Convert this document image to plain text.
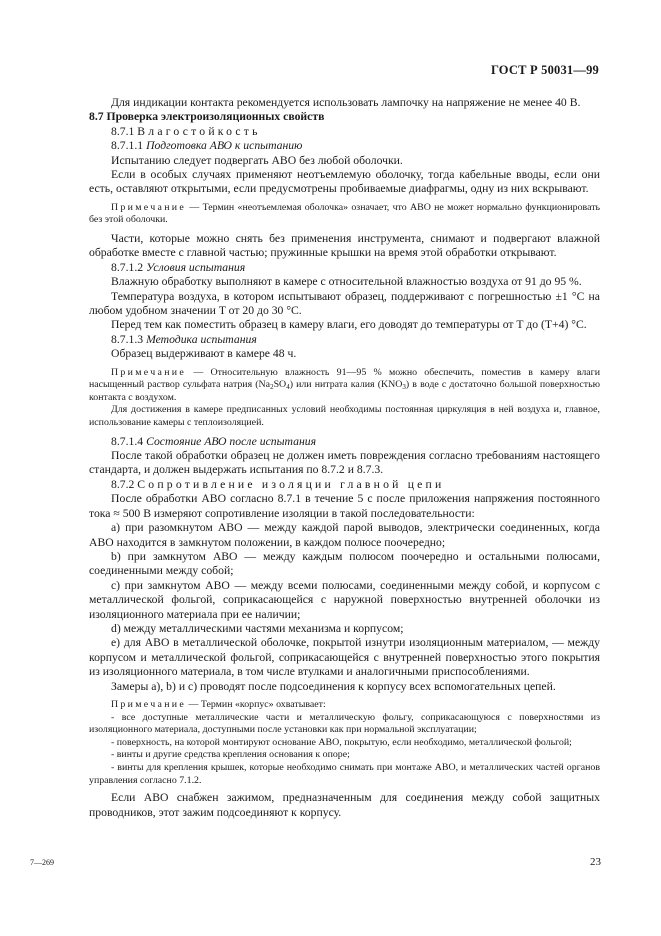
ГОСТ Р 50031—99

Для индикации контакта рекомендуется использовать лампочку на напряжение не менее 40 В.

8.7 Проверка электроизоляционных свойств

8.7.1 Влагостойкость

8.7.1.1 Подготовка АВО к испытанию

Испытанию следует подвергать АВО без любой оболочки.

Если в особых случаях применяют неотъемлемую оболочку, тогда кабельные вводы, если они есть, оставляют открытыми, если предусмотрены пробиваемые диафрагмы, одну из них вскрывают.

Примечание — Термин «неотъемлемая оболочка» означает, что АВО не может нормально функционировать без этой оболочки.

Части, которые можно снять без применения инструмента, снимают и подвергают влажной обработке вместе с главной частью; пружинные крышки на время этой обработки открывают.

8.7.1.2 Условия испытания

Влажную обработку выполняют в камере с относительной влажностью воздуха от 91 до 95 %.

Температура воздуха, в котором испытывают образец, поддерживают с погрешностью ±1 °C на любом удобном значении T от 20 до 30 °C.

Перед тем как поместить образец в камеру влаги, его доводят до температуры от T до (T+4) °C.

8.7.1.3 Методика испытания

Образец выдерживают в камере 48 ч.

Примечание — Относительную влажность 91—95 % можно обеспечить, поместив в камеру влаги насыщенный раствор сульфата натрия $(Na_2SO_4)$ или нитрата калия $(KNO_3)$ в воде с достаточно большой поверхностью контакта с воздухом.

Для достижения в камере предписанных условий необходимы постоянная циркуляция в ней воздуха и, главное, использование камеры с теплоизоляцией.

8.7.1.4 Состояние АВО после испытания

После такой обработки образец не должен иметь повреждения согласно требованиям настоящего стандарта, и должен выдержать испытания по 8.7.2 и 8.7.3.

8.7.2 Сопротивление изоляции главной цепи

После обработки АВО согласно 8.7.1 в течение 5 с после приложения напряжения постоянного тока ≈ 500 В измеряют сопротивление изоляции в такой последовательности:

а) при разомкнутом АВО — между каждой парой выводов, электрически соединенных, когда АВО находится в замкнутом положении, в каждом полюсе поочередно;

b) при замкнутом АВО — между каждым полюсом поочередно и остальными полюсами, соединенными между собой;

с) при замкнутом АВО — между всеми полюсами, соединенными между собой, и корпусом с металлической фольгой, соприкасающейся с наружной поверхностью внутренней оболочки из изоляционного материала при ее наличии;

d) между металлическими частями механизма и корпусом;

е) для АВО в металлической оболочке, покрытой изнутри изоляционным материалом, — между корпусом и металлической фольгой, соприкасающейся с внутренней поверхностью этого покрытия из изоляционного материала, в том числе втулками и аналогичными приспособлениями.

Замеры а), b) и с) проводят после подсоединения к корпусу всех вспомогательных цепей.

Примечание — Термин «корпус» охватывает:

- все доступные металлические части и металлическую фольгу, соприкасающуюся с поверхностями из изоляционного материала, доступными после установки как при нормальной эксплуатации;

- поверхность, на которой монтируют основание АВО, покрытую, если необходимо, металлической фольгой;

- винты и другие средства крепления основания к опоре;

- винты для крепления крышек, которые необходимо снимать при монтаже АВО, и металлических частей органов управления согласно 7.1.2.

Если АВО снабжен зажимом, предназначенным для соединения между собой защитных проводников, этот зажим подсоединяют к корпусу.

7—269	23
